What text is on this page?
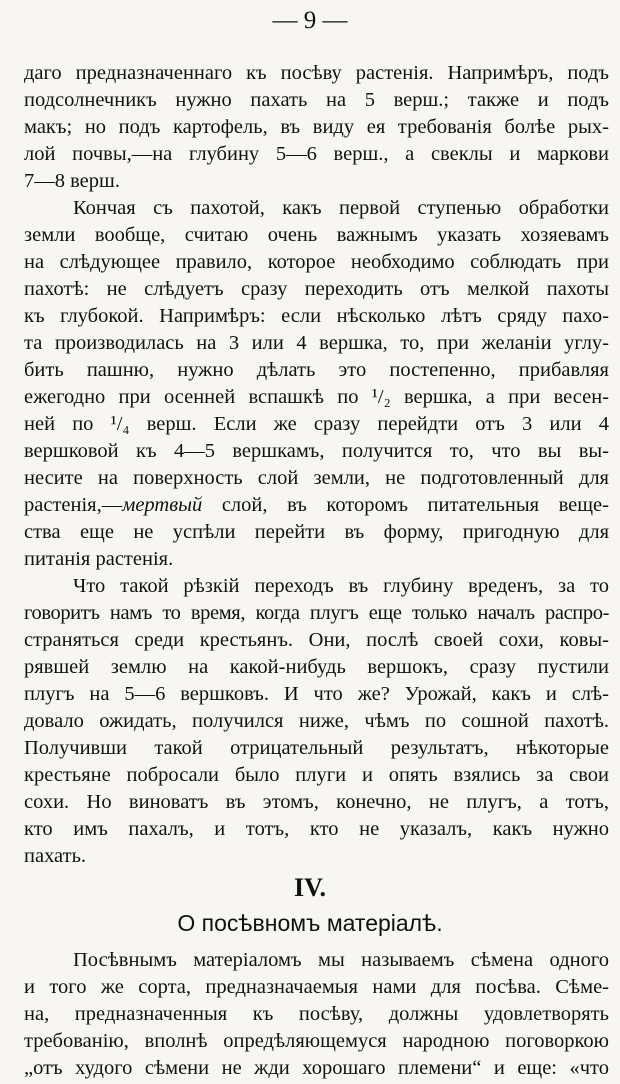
— 9 —
даго предназначеннаго къ посѣву растенія. Напримѣръ, подъ
подсолнечникъ нужно пахать на 5 верш.; также и подъ
макъ; но подъ картофель, въ виду ея требованія болѣе рых-
лой почвы,—на глубину 5—6 верш., а свеклы и маркови
7—8 верш.
Кончая съ пахотой, какъ первой ступенью обработки
земли вообще, считаю очень важнымъ указать хозяевамъ
на слѣдующее правило, которое необходимо соблюдать при
пахотѣ: не слѣдуетъ сразу переходить отъ мелкой пахоты
къ глубокой. Напримѣръ: если нѣсколько лѣтъ сряду пахо-
та производилась на 3 или 4 вершка, то, при желаніи углу-
бить пашню, нужно дѣлать это постепенно, прибавляя
ежегодно при осенней вспашкѣ по ¹/₂ вершка, а при весен-
ней по ¹/₄ верш. Если же сразу перейдти отъ 3 или 4
вершковой къ 4—5 вершкамъ, получится то, что вы вы-
несите на поверхность слой земли, не подготовленный для
растенія,—мертвый слой, въ которомъ питательныя веще-
ства еще не успѣли перейти въ форму, пригодную для
питанія растенія.
Что такой рѣзкій переходъ въ глубину вреденъ, за то
говоритъ намъ то время, когда плугъ еще только началъ распро-
страняться среди крестьянъ. Они, послѣ своей сохи, ковы-
рявшей землю на какой-нибудь вершокъ, сразу пустили
плугъ на 5—6 вершковъ. И что же? Урожай, какъ и слѣ-
довало ожидать, получился ниже, чѣмъ по сошной пахотѣ.
Получивши такой отрицательный результатъ, нѣкоторые
крестьяне побросали было плуги и опять взялись за свои
сохи. Но виноватъ въ этомъ, конечно, не плугъ, а тотъ,
кто имъ пахалъ, и тотъ, кто не указалъ, какъ нужно
пахать.
IV.
О посѣвномъ матеріалѣ.
Посѣвнымъ матеріаломъ мы называемъ сѣмена одного
и того же сорта, предназначаемыя нами для посѣва. Сѣме-
на, предназначенныя къ посѣву, должны удовлетворять
требованію, вполнѣ опредѣляющемуся народною поговоркою
„отъ худого сѣмени не жди хорошаго племени“ и еще: «что
